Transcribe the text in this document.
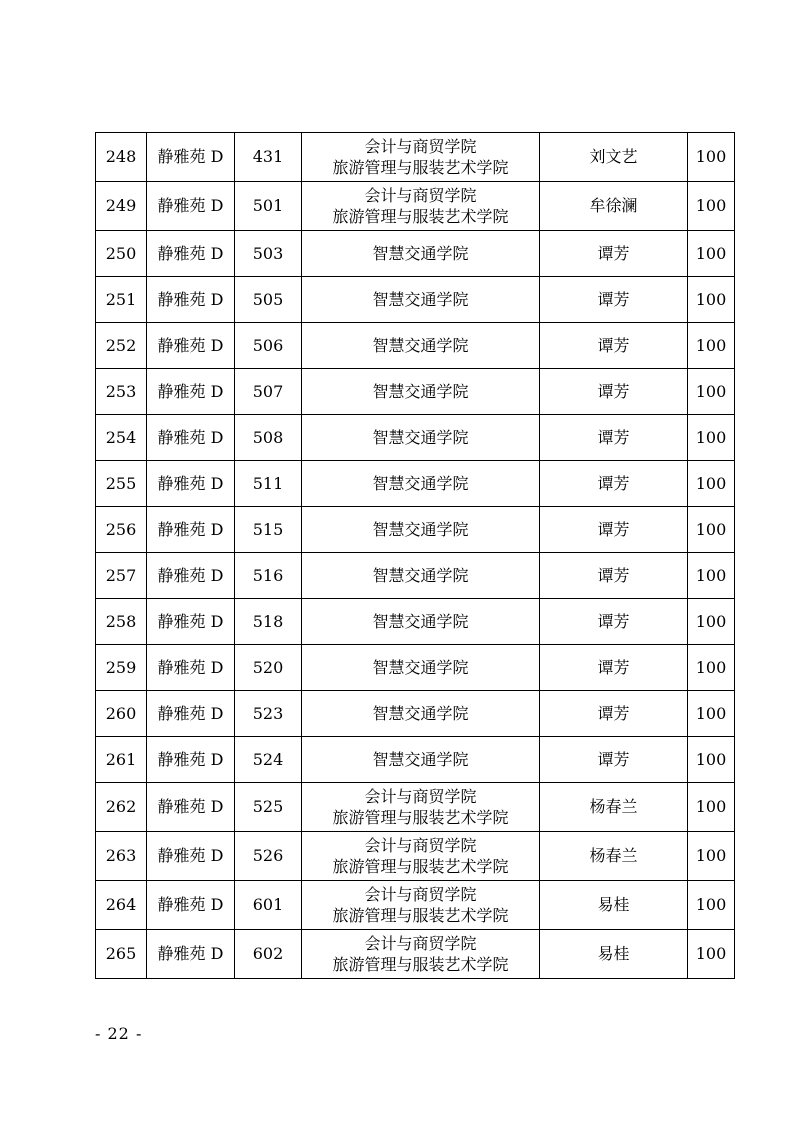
248	静雅苑 D	431	会计与商贸学院
旅游管理与服装艺术学院	刘文艺	100
249	静雅苑 D	501	会计与商贸学院
旅游管理与服装艺术学院	牟徐澜	100
250	静雅苑 D	503	智慧交通学院	谭芳	100
251	静雅苑 D	505	智慧交通学院	谭芳	100
252	静雅苑 D	506	智慧交通学院	谭芳	100
253	静雅苑 D	507	智慧交通学院	谭芳	100
254	静雅苑 D	508	智慧交通学院	谭芳	100
255	静雅苑 D	511	智慧交通学院	谭芳	100
256	静雅苑 D	515	智慧交通学院	谭芳	100
257	静雅苑 D	516	智慧交通学院	谭芳	100
258	静雅苑 D	518	智慧交通学院	谭芳	100
259	静雅苑 D	520	智慧交通学院	谭芳	100
260	静雅苑 D	523	智慧交通学院	谭芳	100
261	静雅苑 D	524	智慧交通学院	谭芳	100
262	静雅苑 D	525	会计与商贸学院
旅游管理与服装艺术学院	杨春兰	100
263	静雅苑 D	526	会计与商贸学院
旅游管理与服装艺术学院	杨春兰	100
264	静雅苑 D	601	会计与商贸学院
旅游管理与服装艺术学院	易桂	100
265	静雅苑 D	602	会计与商贸学院
旅游管理与服装艺术学院	易桂	100
- 22 -
